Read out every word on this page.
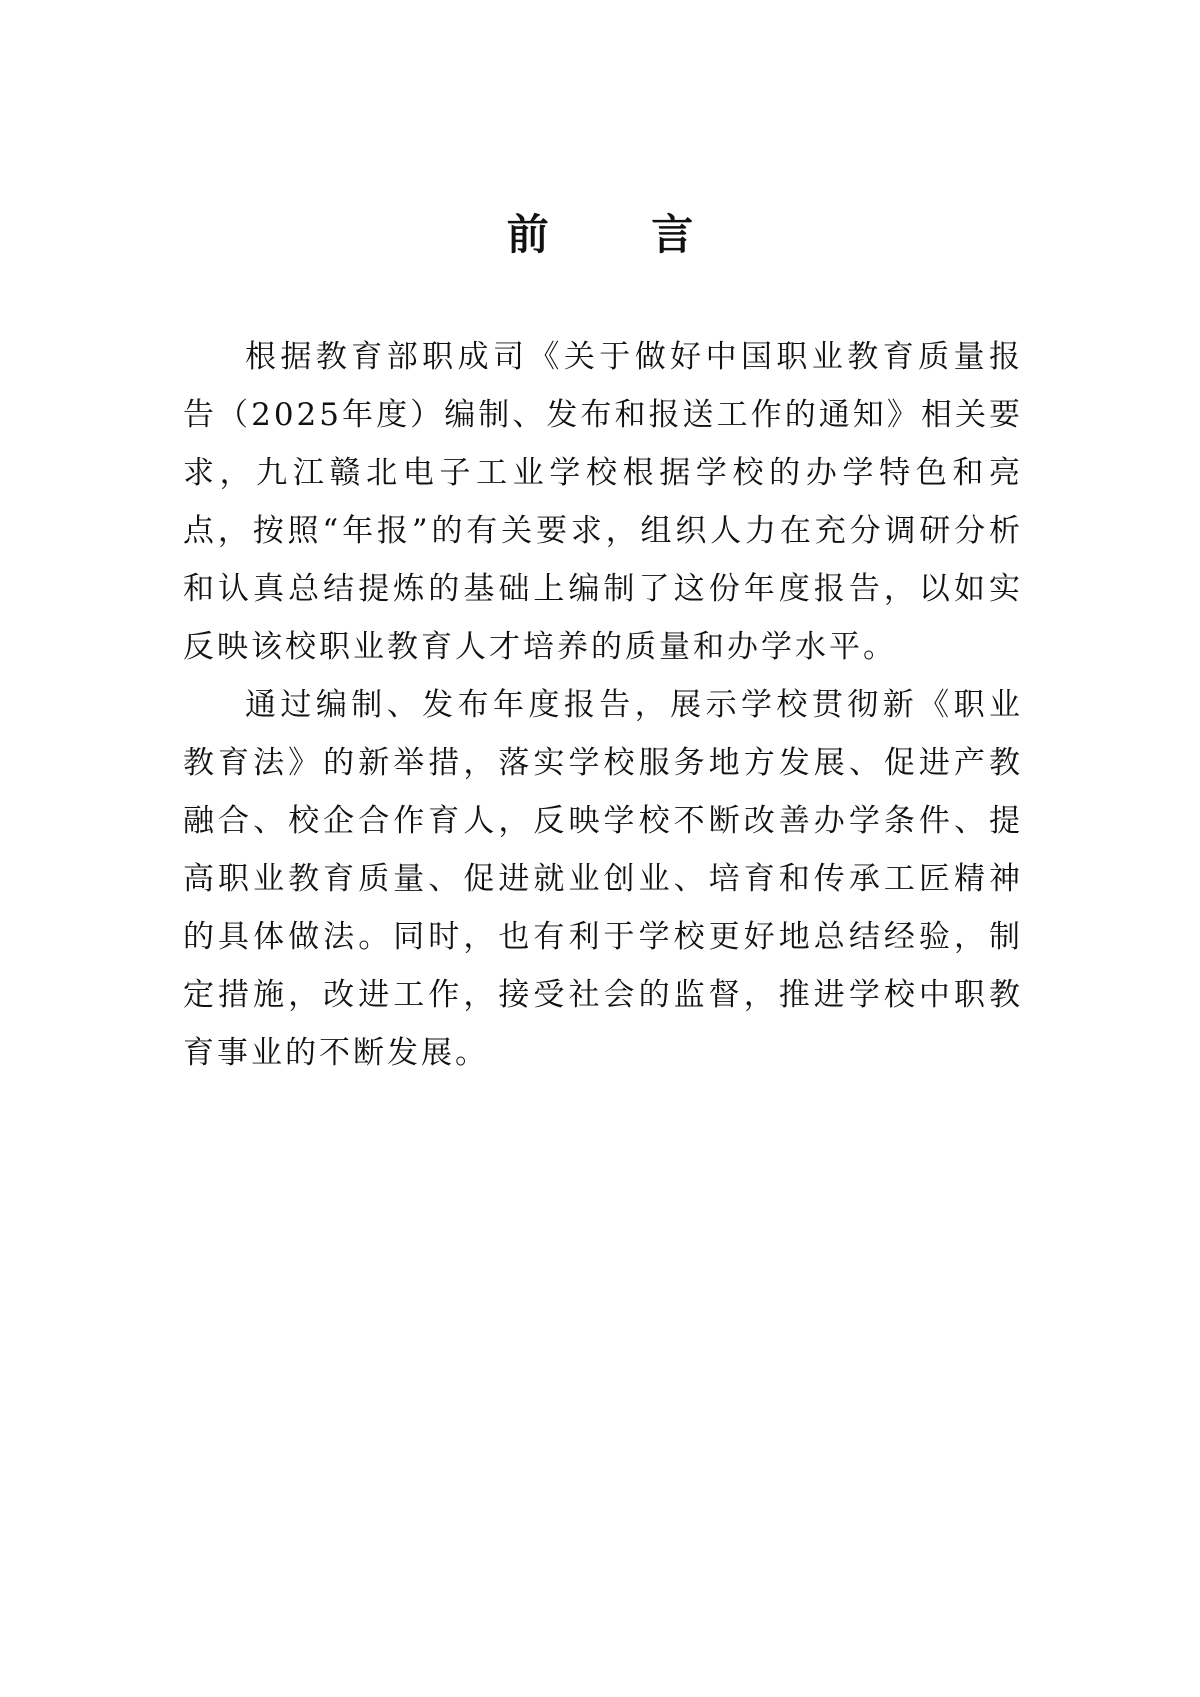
前 言

根据教育部职成司《关于做好中国职业教育质量报告（2025年度）编制、发布和报送工作的通知》相关要求，九江赣北电子工业学校根据学校的办学特色和亮点，按照“年报”的有关要求，组织人力在充分调研分析和认真总结提炼的基础上编制了这份年度报告，以如实反映该校职业教育人才培养的质量和办学水平。

通过编制、发布年度报告，展示学校贯彻新《职业教育法》的新举措，落实学校服务地方发展、促进产教融合、校企合作育人，反映学校不断改善办学条件、提高职业教育质量、促进就业创业、培育和传承工匠精神的具体做法。同时，也有利于学校更好地总结经验，制定措施，改进工作，接受社会的监督，推进学校中职教育事业的不断发展。
